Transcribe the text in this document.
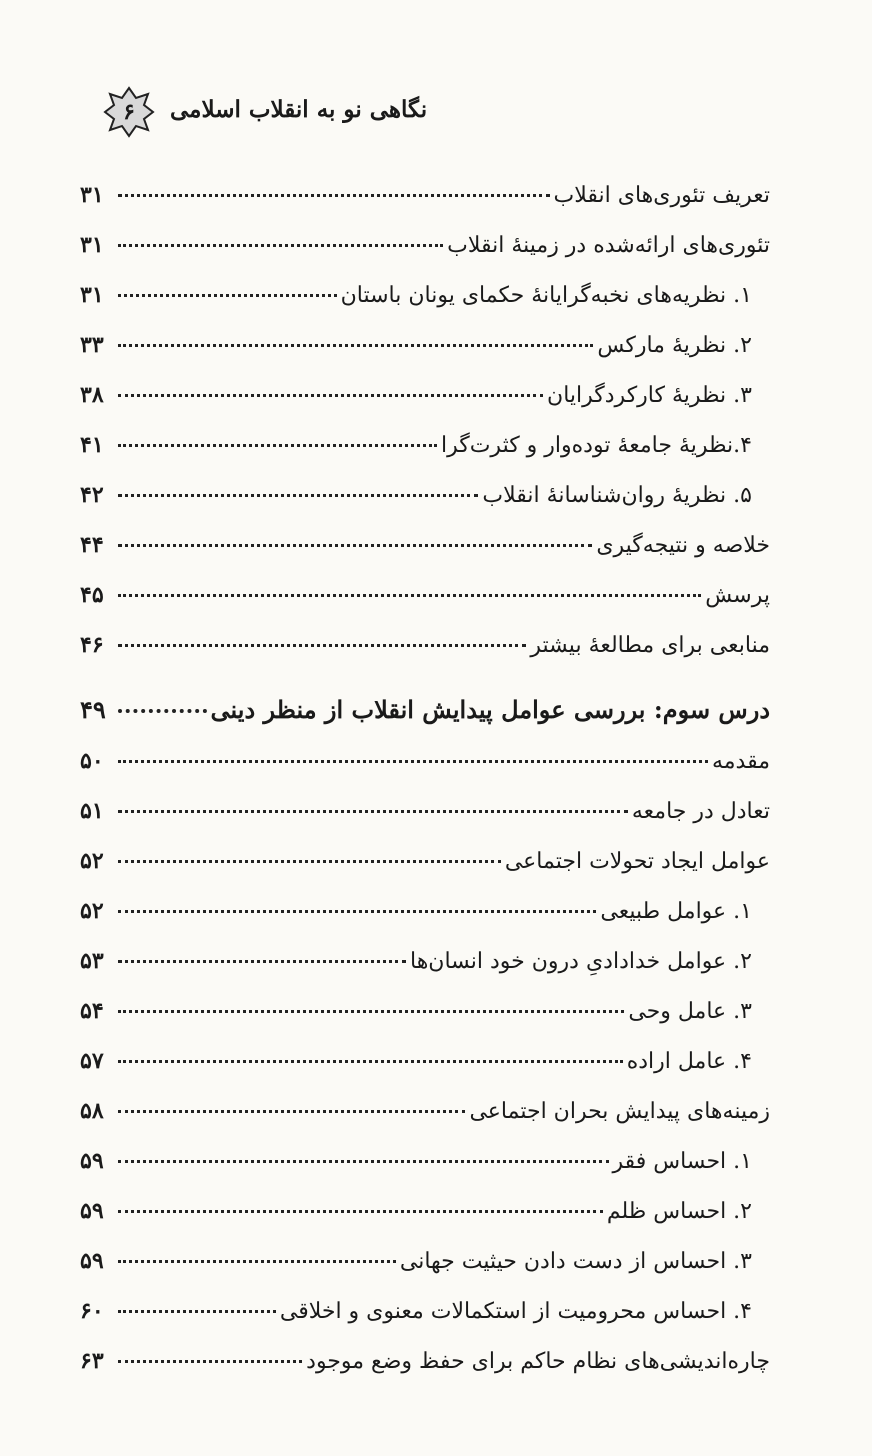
۶	نگاهی نو به انقلاب اسلامی
تعریف تئوری‌های انقلاب
۳۱
تئوری‌های ارائه‌شده در زمینهٔ انقلاب
۳۱
۱. نظریه‌های نخبه‌گرایانهٔ حکمای یونان باستان
۳۱
۲. نظریهٔ مارکس
۳۳
۳. نظریهٔ کارکردگرایان
۳۸
۴.نظریهٔ جامعهٔ توده‌وار و کثرت‌گرا
۴۱
۵. نظریهٔ روان‌شناسانهٔ انقلاب
۴۲
خلاصه و نتیجه‌گیری
۴۴
پرسش
۴۵
منابعی برای مطالعهٔ بیشتر
۴۶
درس سوم: بررسی عوامل پیدایش انقلاب از منظر دینی
۴۹
مقدمه
۵۰
تعادل در جامعه
۵۱
عوامل ایجاد تحولات اجتماعی
۵۲
۱. عوامل طبیعی
۵۲
۲. عوامل خدادادیِ درون خود انسان‌ها
۵۳
۳. عامل وحی
۵۴
۴. عامل اراده
۵۷
زمینه‌های پیدایش بحران اجتماعی
۵۸
۱. احساس فقر
۵۹
۲. احساس ظلم
۵۹
۳. احساس از دست دادن حیثیت جهانی
۵۹
۴. احساس محرومیت از استکمالات معنوی و اخلاقی
۶۰
چاره‌اندیشی‌های نظام حاکم برای حفظ وضع موجود
۶۳
